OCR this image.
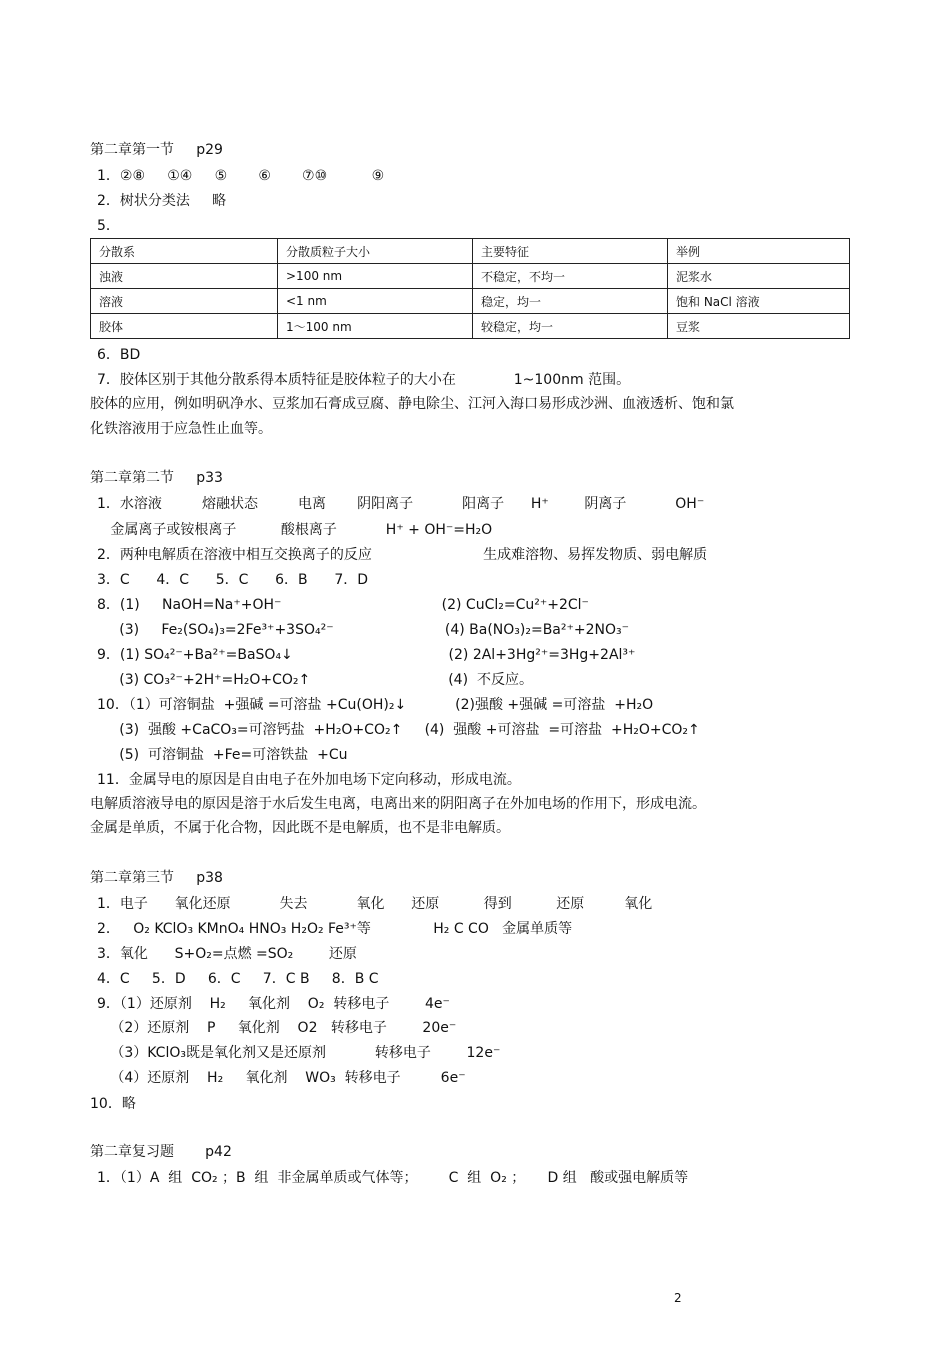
第二章第一节     p29
1．②⑧     ①④     ⑤       ⑥       ⑦⑩          ⑨
2．树状分类法     略
5．
分散系	分散质粒子大小	主要特征	举例
浊液	>100 nm	不稳定，不均一	泥浆水
溶液	<1 nm	稳定，均一	饱和 NaCl 溶液
胶体	1～100 nm	较稳定，均一	豆浆
6．BD
7．胶体区别于其他分散系得本质特征是胶体粒子的大小在             1~100nm 范围。
胶体的应用，例如明矾净水、豆浆加石膏成豆腐、静电除尘、江河入海口易形成沙洲、血液透析、饱和氯
化铁溶液用于应急性止血等。
第二章第二节     p33
1．水溶液         熔融状态         电离       阴阳离子           阳离子      H⁺        阴离子           OH⁻
金属离子或铵根离子          酸根离子           H⁺ + OH⁻=H₂O
2．两种电解质在溶液中相互交换离子的反应                         生成难溶物、易挥发物质、弱电解质
3．C      4．C      5．C      6．B      7．D
8．(1)     NaOH=Na⁺+OH⁻                                    (2) CuCl₂=Cu²⁺+2Cl⁻
(3)     Fe₂(SO₄)₃=2Fe³⁺+3SO₄²⁻                         (4) Ba(NO₃)₂=Ba²⁺+2NO₃⁻
9．(1) SO₄²⁻+Ba²⁺=BaSO₄↓                                   (2) 2Al+3Hg²⁺=3Hg+2Al³⁺
(3) CO₃²⁻+2H⁺=H₂O+CO₂↑                               (4)  不反应。
10．（1）可溶铜盐  +强碱 =可溶盐 +Cu(OH)₂↓           (2)强酸 +强碱 =可溶盐  +H₂O
(3)  强酸 +CaCO₃=可溶钙盐  +H₂O+CO₂↑     (4)  强酸 +可溶盐  =可溶盐  +H₂O+CO₂↑
(5)  可溶铜盐  +Fe=可溶铁盐  +Cu
11．金属导电的原因是自由电子在外加电场下定向移动，形成电流。
电解质溶液导电的原因是溶于水后发生电离，电离出来的阴阳离子在外加电场的作用下，形成电流。
金属是单质，不属于化合物，因此既不是电解质，也不是非电解质。
第二章第三节     p38
1．电子      氧化还原           失去           氧化      还原          得到          还原         氧化
2．   O₂ KClO₃ KMnO₄ HNO₃ H₂O₂ Fe³⁺等              H₂ C CO   金属单质等
3．氧化      S+O₂=点燃 =SO₂        还原
4．C     5．D     6．C     7．C B     8．B C
9．（1）还原剂    H₂     氧化剂    O₂  转移电子        4e⁻
（2）还原剂    P     氧化剂    O2   转移电子        20e⁻
（3）KClO₃既是氧化剂又是还原剂           转移电子        12e⁻
（4）还原剂    H₂     氧化剂    WO₃  转移电子         6e⁻
10．略
第二章复习题       p42
1．（1）A  组  CO₂ ；B  组  非金属单质或气体等；       C  组  O₂ ；     D 组   酸或强电解质等
2
